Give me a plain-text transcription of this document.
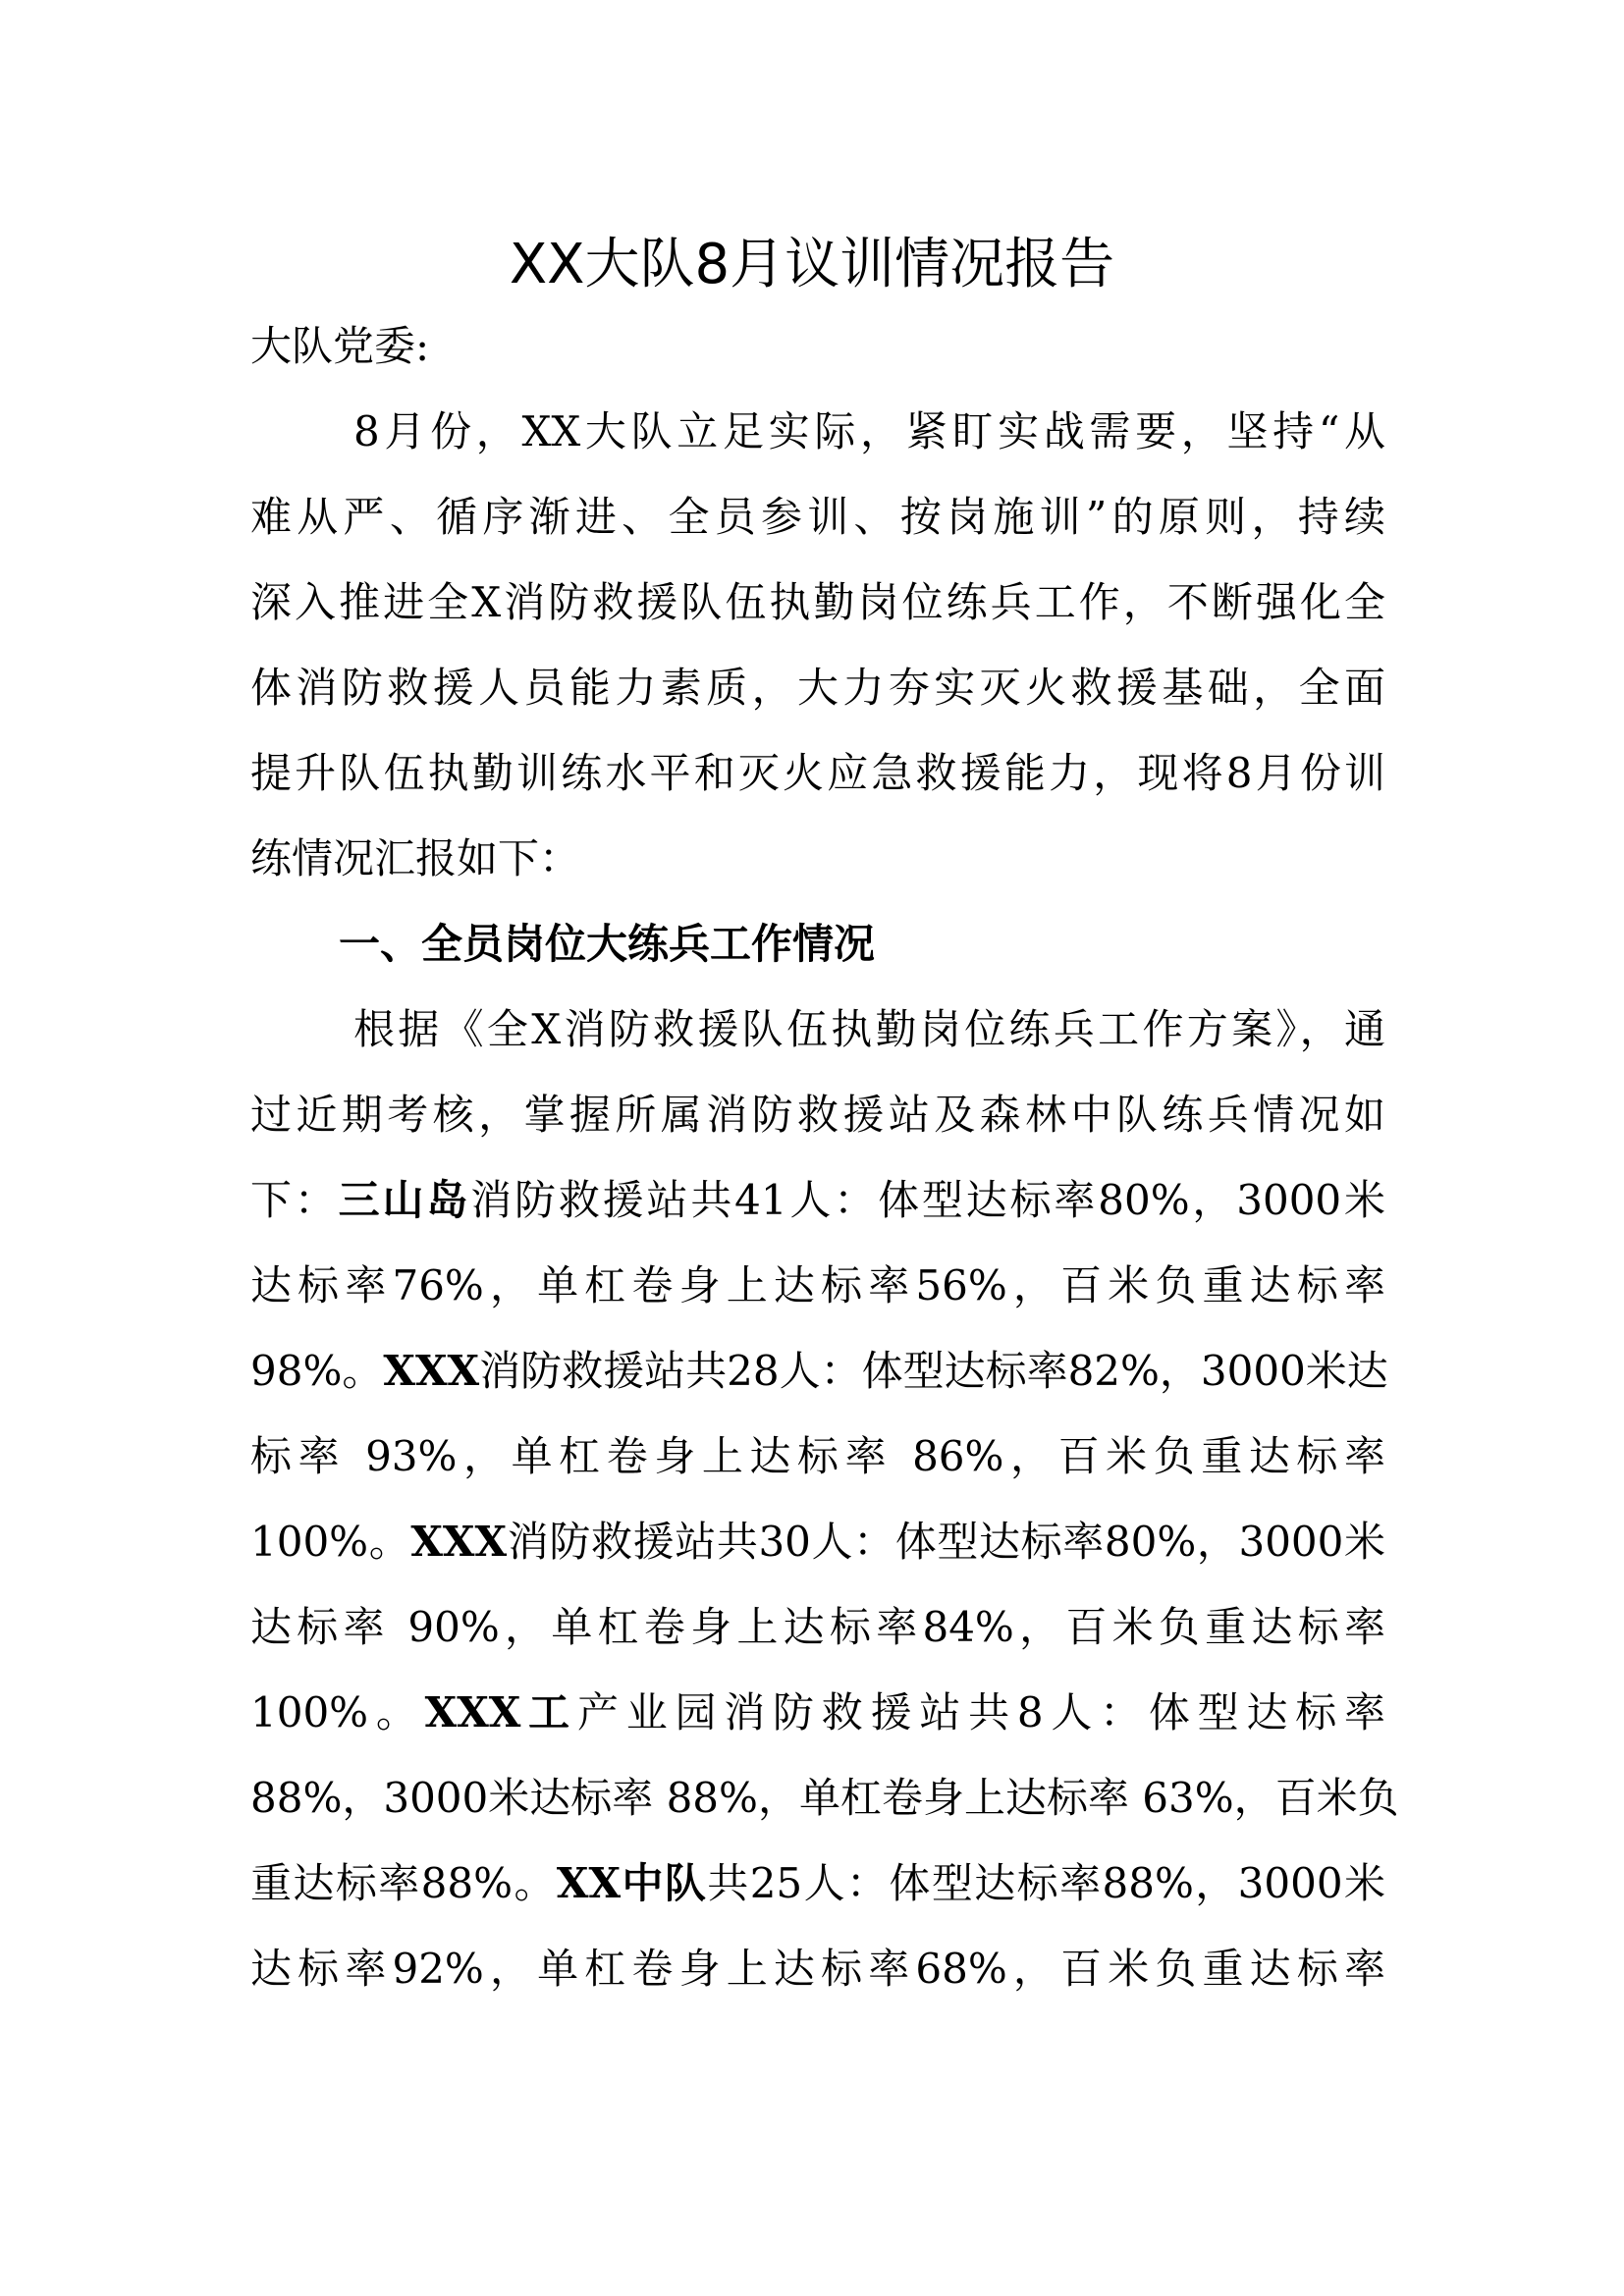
XX大队8月议训情况报告
大队党委:
8月份，XX大队立足实际，紧盯实战需要，坚持“从
难从严、循序渐进、全员参训、按岗施训”的原则，持续
深入推进全X消防救援队伍执勤岗位练兵工作，不断强化全
体消防救援人员能力素质，大力夯实灭火救援基础，全面
提升队伍执勤训练水平和灭火应急救援能力，现将8月份训
练情况汇报如下：
一、全员岗位大练兵工作情况
根据《全X消防救援队伍执勤岗位练兵工作方案》，通
过近期考核，掌握所属消防救援站及森林中队练兵情况如
下：三山岛消防救援站共41人：体型达标率80%，3000米
达标率76%，单杠卷身上达标率56%，百米负重达标率
98%。XXX消防救援站共28人：体型达标率82%，3000米达
标率 93%，单杠卷身上达标率 86%，百米负重达标率
100%。XXX消防救援站共30人：体型达标率80%，3000米
达标率 90%，单杠卷身上达标率84%，百米负重达标率
100%。XXX工产业园消防救援站共8人：体型达标率
88%，3000米达标率 88%，单杠卷身上达标率 63%，百米负
重达标率88%。XX中队共25人：体型达标率88%，3000米
达标率92%，单杠卷身上达标率68%，百米负重达标率
